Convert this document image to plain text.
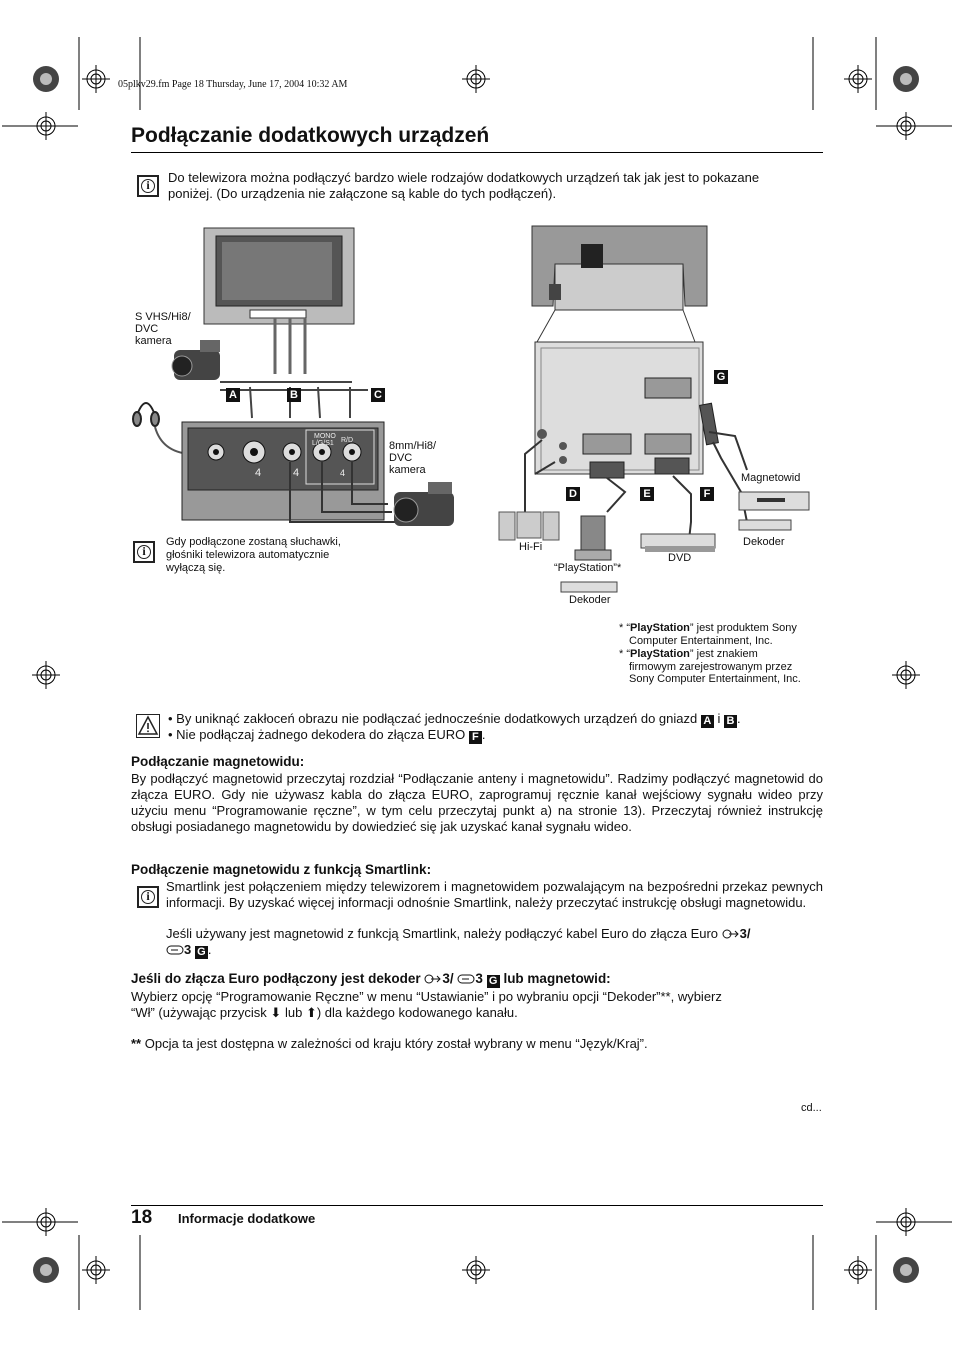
05plkv29.fm Page 18 Thursday, June 17, 2004 10:32 AM
Podłączanie dodatkowych urządzeń
i	Do telewizora można podłączyć bardzo wiele rodzajów dodatkowych urządzeń tak jak jest to pokazane
poniżej. (Do urządzenia nie załączone są kable do tych podłączeń).
S VHS/Hi8/
DVC
kamera
8mm/Hi8/
DVC
kamera
A	B	C
MONO
L/G/S1 R/D
4	4	4
i
Gdy podłączone zostaną słuchawki,
głośniki telewizora automatycznie
wyłączą się.
G
D	E	F
Magnetowid
Dekoder
Hi-Fi
“PlayStation”*
DVD
Dekoder
* “PlayStation” jest produktem Sony
Computer Entertainment, Inc.
* “PlayStation” jest znakiem
firmowym zarejestrowanym przez
Sony Computer Entertainment, Inc.
• By uniknąć zakłoceń obrazu nie podłączać jednocześnie dodatkowych urządzeń do gniazd A i B .
• Nie podłączaj żadnego dekodera do złącza EURO F .
Podłączanie magnetowidu:
By podłączyć magnetowid przeczytaj rozdział “Podłączanie anteny i magnetowidu”. Radzimy podłączyć magnetowid do złącza EURO. Gdy nie używasz kabla do złącza EURO, zaprogramuj ręcznie kanał wejściowy sygnału wideo przy użyciu menu “Programowanie ręczne”, w tym celu przeczytaj punkt a) na stronie 13). Przeczytaj również instrukcję obsługi posiadanego magnetowidu by dowiedzieć się jak uzyskać kanał sygnału wideo.
Podłączenie magnetowidu z funkcją Smartlink:
i
Smartlink jest połączeniem między telewizorem i magnetowidem pozwalającym na bezpośredni przekaz pewnych informacji. By uzyskać więcej informacji odnośnie Smartlink, należy przeczytać instrukcję obsługi magnetowidu.
Jeśli używany jest magnetowid z funkcją Smartlink, należy podłączyć kabel Euro do złącza Euro 3/
3 G .
Jeśli do złącza Euro podłączony jest dekoder 3/ 3 G lub magnetowid:
Wybierz opcję “Programowanie Ręczne” w menu “Ustawianie” i po wybraniu opcji “Dekoder”**, wybierz
“Wł” (używając przycisk ⬇ lub ⬆) dla każdego kodowanego kanału.
** Opcja ta jest dostępna w zależności od kraju który został wybrany w menu “Język/Kraj”.
cd...
18 Informacje dodatkowe
